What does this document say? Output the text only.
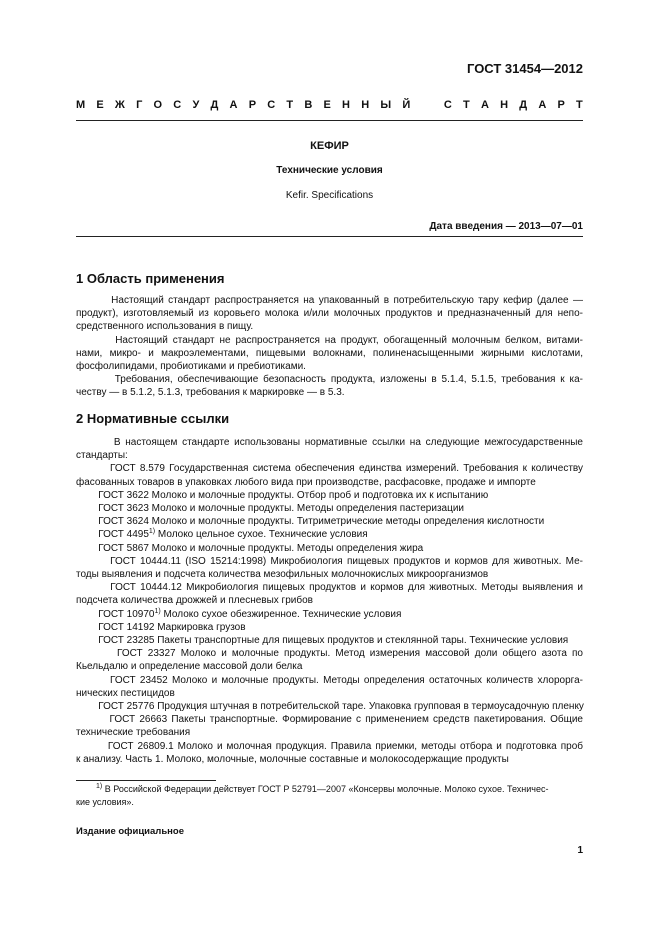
ГОСТ 31454—2012
М Е Ж Г О С У Д А Р С Т В Е Н Н Ы Й	С Т А Н Д А Р Т
КЕФИР
Технические условия
Kefir. Specifications
Дата введения — 2013—07—01
1 Область применения
Настоящий стандарт распространяется на упакованный в потребительскую тару кефир (далее —
продукт), изготовляемый из коровьего молока и/или молочных продуктов и предназначенный для непо-
средственного использования в пищу.
Настоящий стандарт не распространяется на продукт, обогащенный молочным белком, витами-
нами, микро- и макроэлементами, пищевыми волокнами, полиненасыщенными жирными кислотами,
фосфолипидами, пробиотиками и пребиотиками.
Требования, обеспечивающие безопасность продукта, изложены в 5.1.4, 5.1.5, требования к ка-
честву — в 5.1.2, 5.1.3, требования к маркировке — в 5.3.
2 Нормативные ссылки
В настоящем стандарте использованы нормативные ссылки на следующие межгосударственные
стандарты:
ГОСТ 8.579 Государственная система обеспечения единства измерений. Требования к количеству
фасованных товаров в упаковках любого вида при производстве, расфасовке, продаже и импорте
ГОСТ 3622 Молоко и молочные продукты. Отбор проб и подготовка их к испытанию
ГОСТ 3623 Молоко и молочные продукты. Методы определения пастеризации
ГОСТ 3624 Молоко и молочные продукты. Титриметрические методы определения кислотности
ГОСТ 4495$^{1)}$ Молоко цельное сухое. Технические условия
ГОСТ 5867 Молоко и молочные продукты. Методы определения жира
ГОСТ 10444.11 (ISO 15214:1998) Микробиология пищевых продуктов и кормов для животных. Ме-
тоды выявления и подсчета количества мезофильных молочнокислых микроорганизмов
ГОСТ 10444.12 Микробиология пищевых продуктов и кормов для животных. Методы выявления и
подсчета количества дрожжей и плесневых грибов
ГОСТ 10970$^{1)}$ Молоко сухое обезжиренное. Технические условия
ГОСТ 14192 Маркировка грузов
ГОСТ 23285 Пакеты транспортные для пищевых продуктов и стеклянной тары. Технические условия
ГОСТ 23327 Молоко и молочные продукты. Метод измерения массовой доли общего азота по
Кьельдалю и определение массовой доли белка
ГОСТ 23452 Молоко и молочные продукты. Методы определения остаточных количеств хлорорга-
нических пестицидов
ГОСТ 25776 Продукция штучная в потребительской таре. Упаковка групповая в термоусадочную пленку
ГОСТ 26663 Пакеты транспортные. Формирование с применением средств пакетирования. Общие
технические требования
ГОСТ 26809.1 Молоко и молочная продукция. Правила приемки, методы отбора и подготовка проб
к анализу. Часть 1. Молоко, молочные, молочные составные и молокосодержащие продукты
$^{1)}$ В Российской Федерации действует ГОСТ Р 52791—2007 «Консервы молочные. Молоко сухое. Техничес-
кие условия».
Издание официальное
1
